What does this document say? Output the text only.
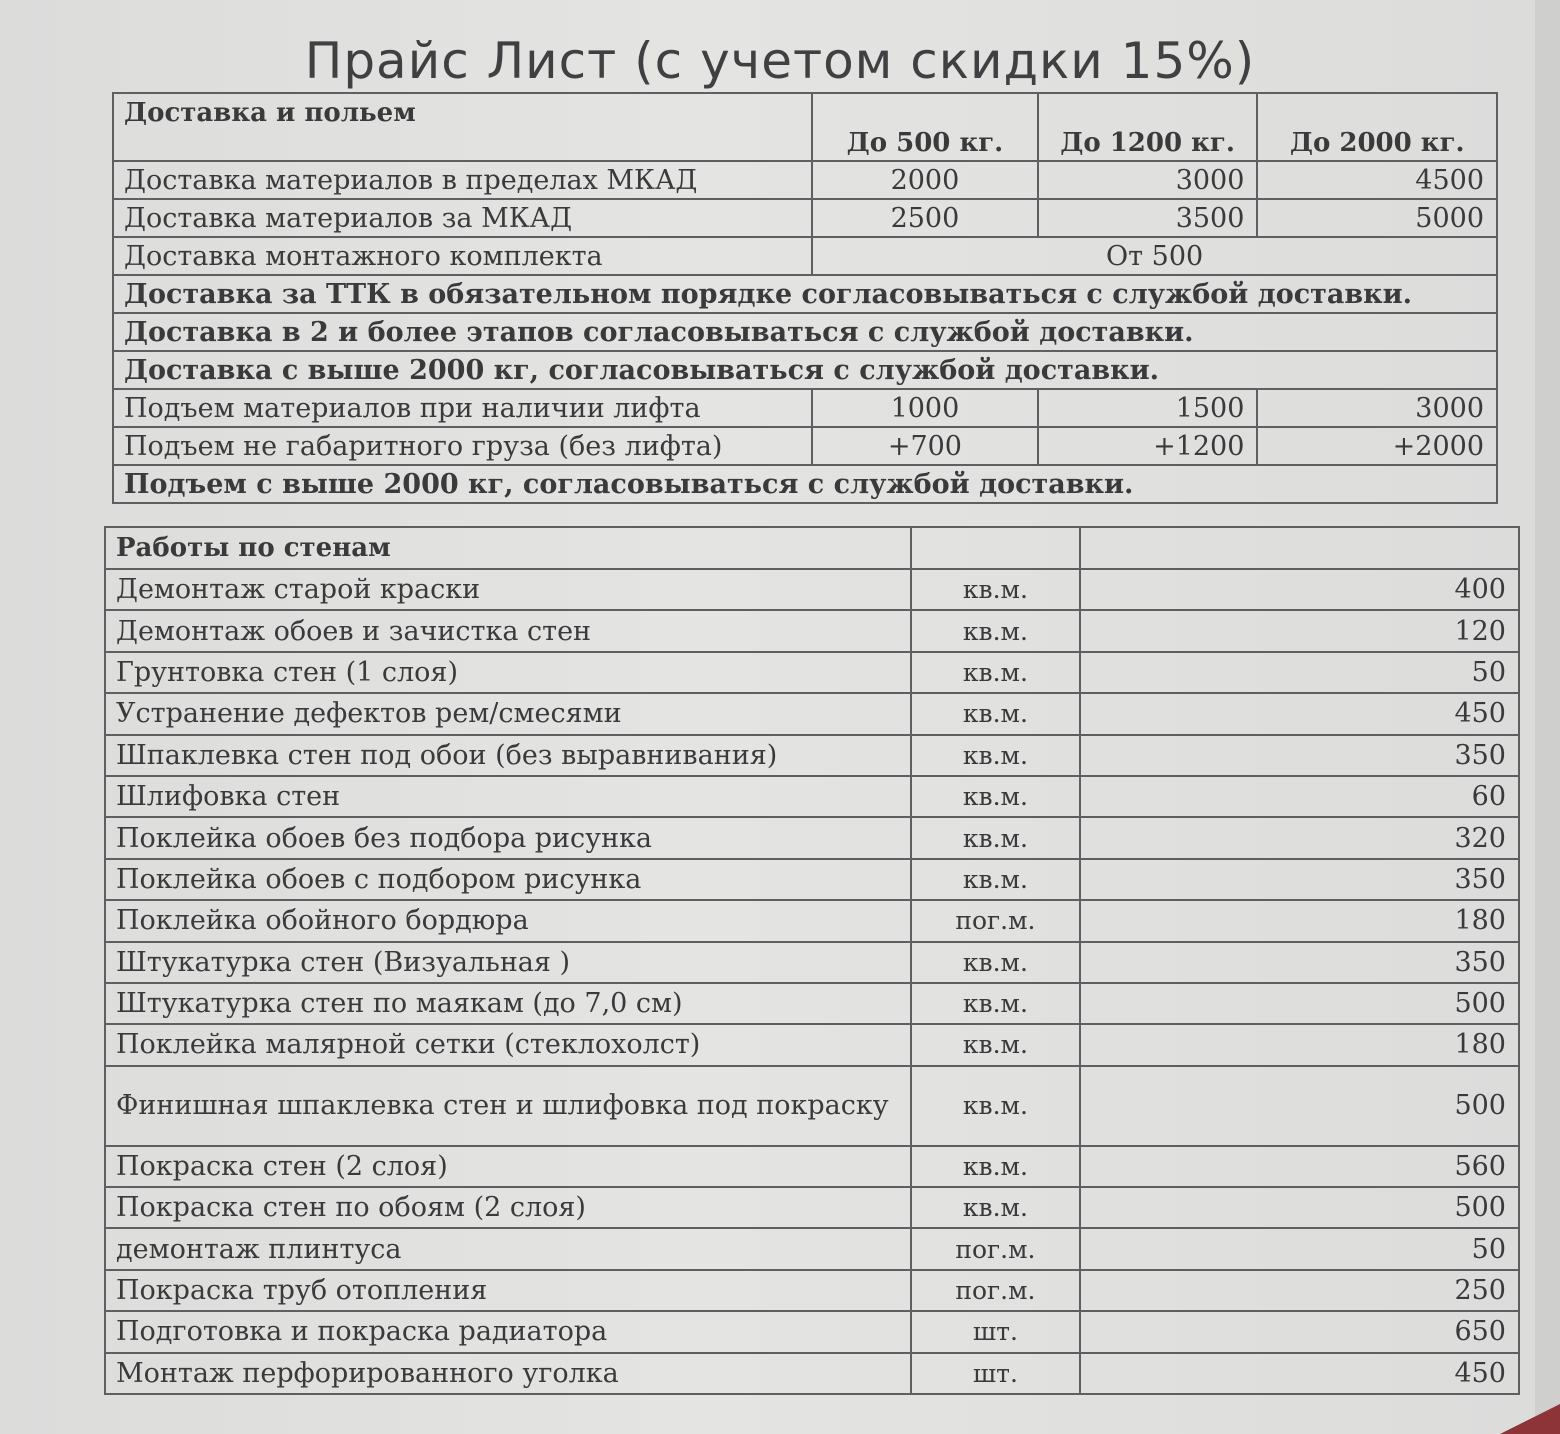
Прайс Лист (с учетом скидки 15%)
Доставка и польем	До 500 кг.	До 1200 кг.	До 2000 кг.
Доставка материалов в пределах МКАД	2000	3000	4500
Доставка материалов за МКАД	2500	3500	5000
Доставка монтажного комплекта	От 500		
Доставка за ТТК в обязательном порядке согласовываться с службой доставки.			
Доставка в 2 и более этапов согласовываться с службой доставки.			
Доставка с выше 2000 кг, согласовываться с службой доставки.			
Подъем материалов при наличии лифта	1000	1500	3000
Подъем не габаритного груза (без лифта)	+700	+1200	+2000
Подъем с выше 2000 кг, согласовываться с службой доставки.			
Работы по стенам		
Демонтаж старой краски	кв.м.	400
Демонтаж обоев и зачистка стен	кв.м.	120
Грунтовка стен (1 слоя)	кв.м.	50
Устранение дефектов рем/смесями	кв.м.	450
Шпаклевка стен под обои (без выравнивания)	кв.м.	350
Шлифовка стен	кв.м.	60
Поклейка обоев без подбора рисунка	кв.м.	320
Поклейка обоев с подбором рисунка	кв.м.	350
Поклейка обойного бордюра	пог.м.	180
Штукатурка стен (Визуальная )	кв.м.	350
Штукатурка стен по маякам (до 7,0 см)	кв.м.	500
Поклейка малярной сетки (стеклохолст)	кв.м.	180
Финишная шпаклевка стен и шлифовка под покраску	кв.м.	500
Покраска стен (2 слоя)	кв.м.	560
Покраска стен по обоям (2 слоя)	кв.м.	500
демонтаж плинтуса	пог.м.	50
Покраска труб отопления	пог.м.	250
Подготовка и покраска радиатора	шт.	650
Монтаж перфорированного уголка	шт.	450
